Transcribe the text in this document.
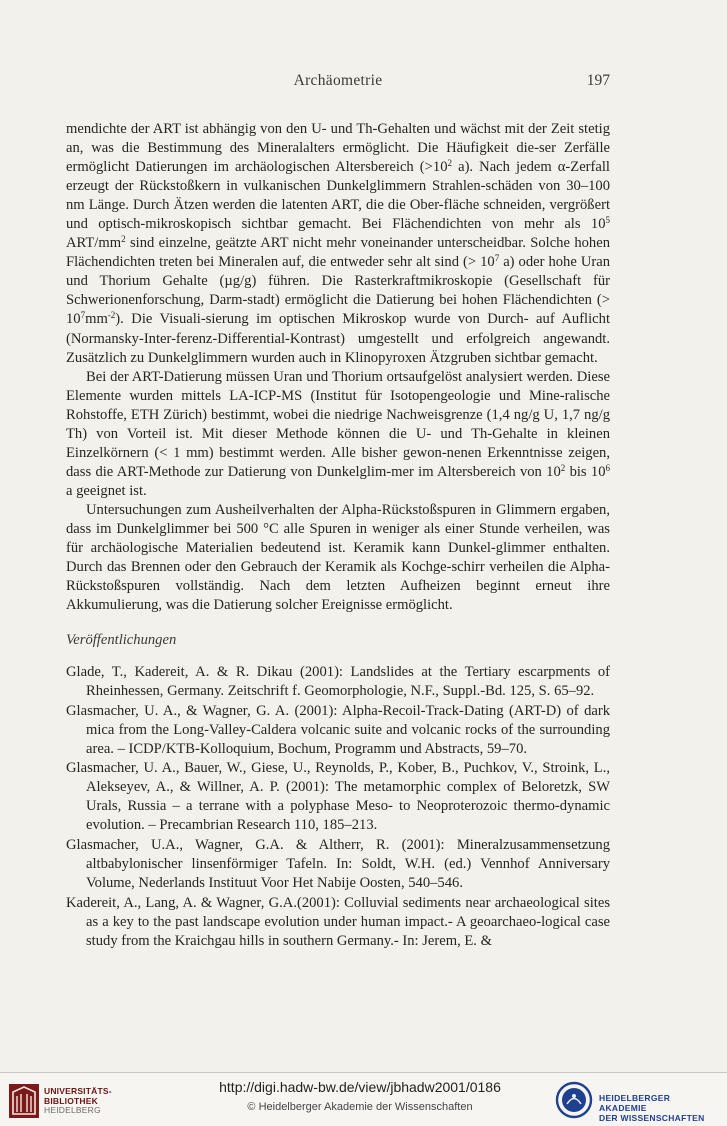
Archäometrie	197

mendichte der ART ist abhängig von den U- und Th-Gehalten und wächst mit der Zeit stetig an, was die Bestimmung des Mineralalters ermöglicht. Die Häufigkeit die-ser Zerfälle ermöglicht Datierungen im archäologischen Altersbereich ($>10^2$ a). Nach jedem α-Zerfall erzeugt der Rückstoßkern in vulkanischen Dunkelglimmern Strahlen-schäden von 30–100 nm Länge. Durch Ätzen werden die latenten ART, die die Ober-fläche schneiden, vergrößert und optisch-mikroskopisch sichtbar gemacht. Bei Flächendichten von mehr als $10^5$ ART/$mm^2$ sind einzelne, geätzte ART nicht mehr voneinander unterscheidbar. Solche hohen Flächendichten treten bei Mineralen auf, die entweder sehr alt sind (> $10^7$ a) oder hohe Uran und Thorium Gehalte (µg/g) führen. Die Rasterkraftmikroskopie (Gesellschaft für Schwerionenforschung, Darm-stadt) ermöglicht die Datierung bei hohen Flächendichten (> $10^7mm^{-2}$). Die Visuali-sierung im optischen Mikroskop wurde von Durch- auf Auflicht (Normansky-Inter-ferenz-Differential-Kontrast) umgestellt und erfolgreich angewandt. Zusätzlich zu Dunkelglimmern wurden auch in Klinopyroxen Ätzgruben sichtbar gemacht.

Bei der ART-Datierung müssen Uran und Thorium ortsaufgelöst analysiert werden. Diese Elemente wurden mittels LA-ICP-MS (Institut für Isotopengeologie und Mine-ralische Rohstoffe, ETH Zürich) bestimmt, wobei die niedrige Nachweisgrenze (1,4 ng/g U, 1,7 ng/g Th) von Vorteil ist. Mit dieser Methode können die U- und Th-Gehalte in kleinen Einzelkörnern (< 1 mm) bestimmt werden. Alle bisher gewon-nenen Erkenntnisse zeigen, dass die ART-Methode zur Datierung von Dunkelglim-mer im Altersbereich von $10^2$ bis $10^6$ a geeignet ist.

Untersuchungen zum Ausheilverhalten der Alpha-Rückstoßspuren in Glimmern ergaben, dass im Dunkelglimmer bei 500 °C alle Spuren in weniger als einer Stunde verheilen, was für archäologische Materialien bedeutend ist. Keramik kann Dunkel-glimmer enthalten. Durch das Brennen oder den Gebrauch der Keramik als Kochge-schirr verheilen die Alpha-Rückstoßspuren vollständig. Nach dem letzten Aufheizen beginnt erneut ihre Akkumulierung, was die Datierung solcher Ereignisse ermöglicht.

Veröffentlichungen

Glade, T., Kadereit, A. & R. Dikau (2001): Landslides at the Tertiary escarpments of Rheinhessen, Germany. Zeitschrift f. Geomorphologie, N.F., Suppl.-Bd. 125, S. 65–92.

Glasmacher, U. A., & Wagner, G. A. (2001): Alpha-Recoil-Track-Dating (ART-D) of dark mica from the Long-Valley-Caldera volcanic suite and volcanic rocks of the surrounding area. – ICDP/KTB-Kolloquium, Bochum, Programm und Abstracts, 59–70.

Glasmacher, U. A., Bauer, W., Giese, U., Reynolds, P., Kober, B., Puchkov, V., Stroink, L., Alekseyev, A., & Willner, A. P. (2001): The metamorphic complex of Beloretzk, SW Urals, Russia – a terrane with a polyphase Meso- to Neoproterozoic thermo-dynamic evolution. – Precambrian Research 110, 185–213.

Glasmacher, U.A., Wagner, G.A. & Altherr, R. (2001): Mineralzusammensetzung altbabylonischer linsenförmiger Tafeln. In: Soldt, W.H. (ed.) Vennhof Anniversary Volume, Nederlands Instituut Voor Het Nabije Oosten, 540–546.

Kadereit, A., Lang, A. & Wagner, G.A.(2001): Colluvial sediments near archaeological sites as a key to the past landscape evolution under human impact.- A geoarchaeo-logical case study from the Kraichgau hills in southern Germany.- In: Jerem, E. &

UNIVERSITÄTS-
BIBLIOTHEK
HEIDELBERG
http://digi.hadw-bw.de/view/jbhadw2001/0186
© Heidelberger Akademie der Wissenschaften
HEIDELBERGER AKADEMIE
DER WISSENSCHAFTEN
